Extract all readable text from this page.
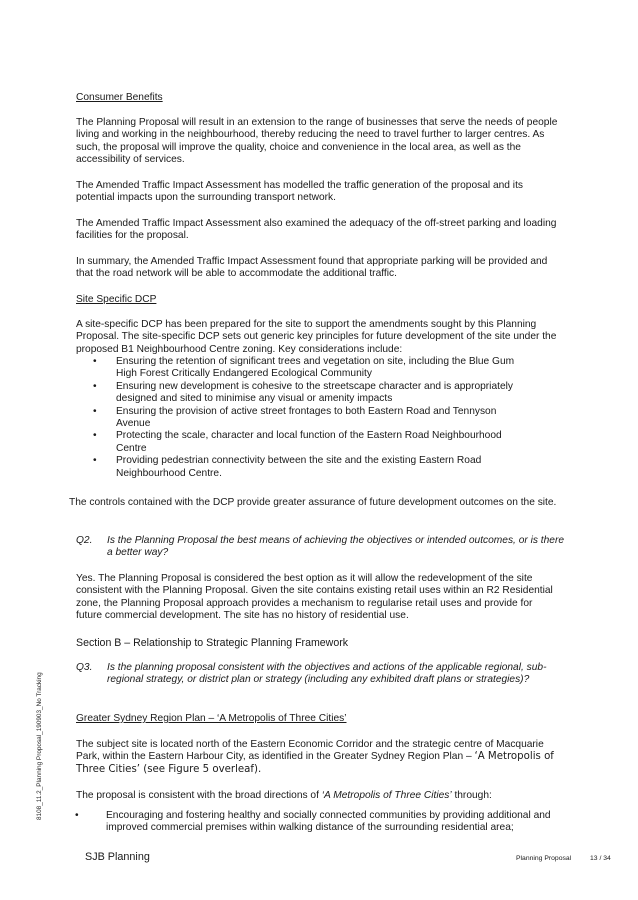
Consumer Benefits

The Planning Proposal will result in an extension to the range of businesses that serve the needs of people living and working in the neighbourhood, thereby reducing the need to travel further to larger centres. As such, the proposal will improve the quality, choice and convenience in the local area, as well as the accessibility of services.

The Amended Traffic Impact Assessment has modelled the traffic generation of the proposal and its potential impacts upon the surrounding transport network.

The Amended Traffic Impact Assessment also examined the adequacy of the off-street parking and loading facilities for the proposal.

In summary, the Amended Traffic Impact Assessment found that appropriate parking will be provided and that the road network will be able to accommodate the additional traffic.

Site Specific DCP

A site-specific DCP has been prepared for the site to support the amendments sought by this Planning Proposal. The site-specific DCP sets out generic key principles for future development of the site under the proposed B1 Neighbourhood Centre zoning. Key considerations include:

• Ensuring the retention of significant trees and vegetation on site, including the Blue Gum High Forest Critically Endangered Ecological Community
• Ensuring new development is cohesive to the streetscape character and is appropriately designed and sited to minimise any visual or amenity impacts
• Ensuring the provision of active street frontages to both Eastern Road and Tennyson Avenue
• Protecting the scale, character and local function of the Eastern Road Neighbourhood Centre
• Providing pedestrian connectivity between the site and the existing Eastern Road Neighbourhood Centre.

The controls contained with the DCP provide greater assurance of future development outcomes on the site.

Q2. Is the Planning Proposal the best means of achieving the objectives or intended outcomes, or is there a better way?

Yes. The Planning Proposal is considered the best option as it will allow the redevelopment of the site consistent with the Planning Proposal. Given the site contains existing retail uses within an R2 Residential zone, the Planning Proposal approach provides a mechanism to regularise retail uses and provide for future commercial development. The site has no history of residential use.

Section B – Relationship to Strategic Planning Framework

Q3. Is the planning proposal consistent with the objectives and actions of the applicable regional, sub-regional strategy, or district plan or strategy (including any exhibited draft plans or strategies)?

Greater Sydney Region Plan – ‘A Metropolis of Three Cities’

The subject site is located north of the Eastern Economic Corridor and the strategic centre of Macquarie Park, within the Eastern Harbour City, as identified in the Greater Sydney Region Plan – ‘A Metropolis of Three Cities’ (see Figure 5 overleaf).

The proposal is consistent with the broad directions of ‘A Metropolis of Three Cities’ through:

•	Encouraging and fostering healthy and socially connected communities by providing additional and improved commercial premises within walking distance of the surrounding residential area;
8108_11.2_Planning Proposal_190903_No Tracking
SJB Planning	Planning Proposal	13 / 34
